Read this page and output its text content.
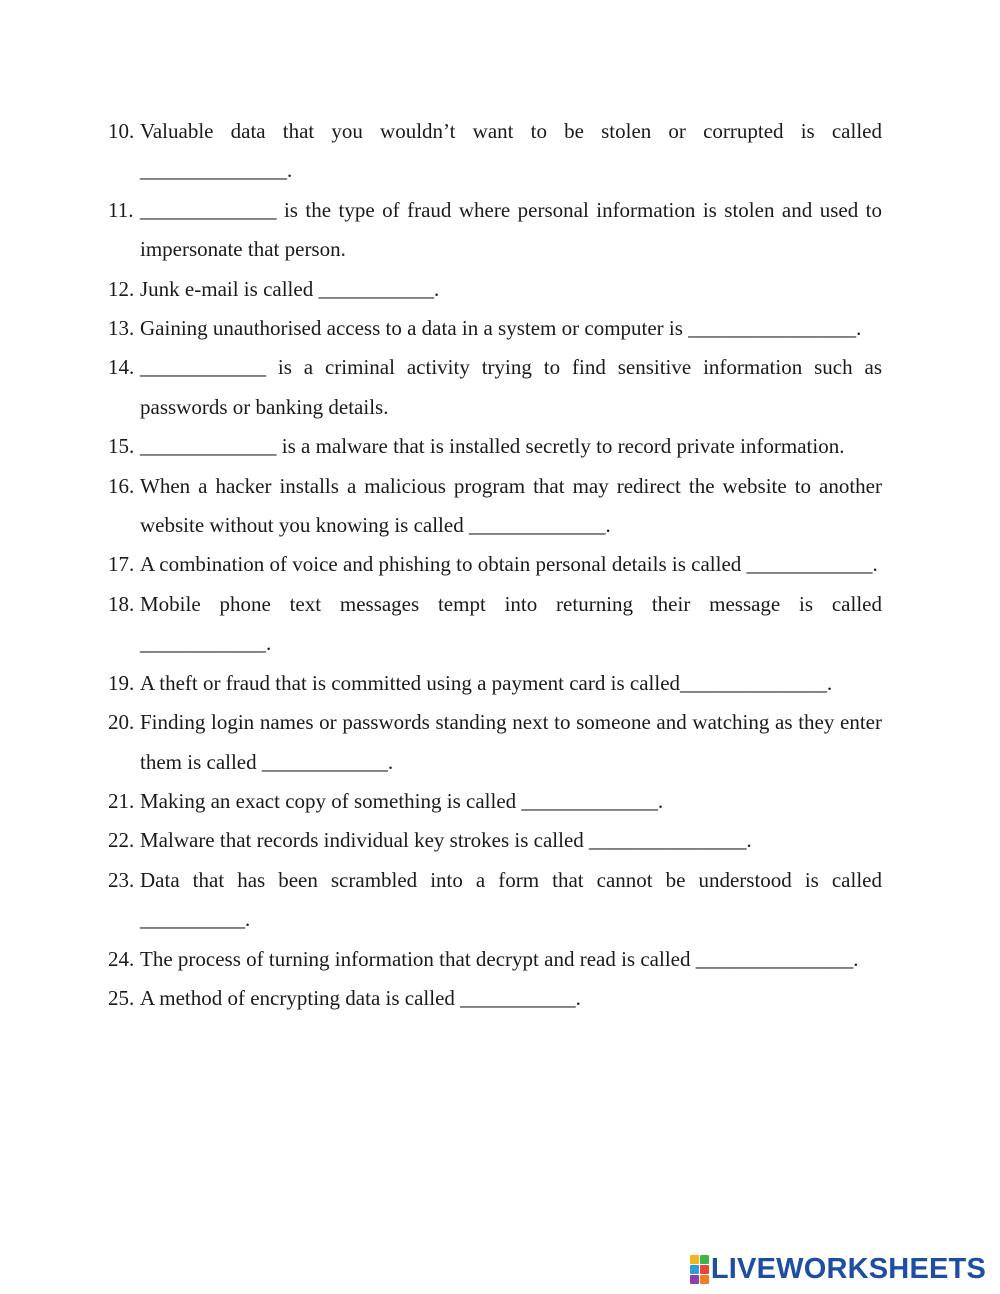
10. Valuable data that you wouldn’t want to be stolen or corrupted is called ______________.
11. _____________ is the type of fraud where personal information is stolen and used to impersonate that person.
12. Junk e-mail is called ___________.
13. Gaining unauthorised access to a data in a system or computer is ________________.
14. ____________ is a criminal activity trying to find sensitive information such as passwords or banking details.
15. _____________ is a malware that is installed secretly to record private information.
16. When a hacker installs a malicious program that may redirect the website to another website without you knowing is called _____________.
17. A combination of voice and phishing to obtain personal details is called ____________.
18. Mobile phone text messages tempt into returning their message is called ____________.
19. A theft or fraud that is committed using a payment card is called______________.
20. Finding login names or passwords standing next to someone and watching as they enter them is called ____________.
21. Making an exact copy of something is called _____________.
22. Malware that records individual key strokes is called _______________.
23. Data that has been scrambled into a form that cannot be understood is called __________.
24. The process of turning information that decrypt and read is called _______________.
25. A method of encrypting data is called ___________.
LIVEWORKSHEETS
